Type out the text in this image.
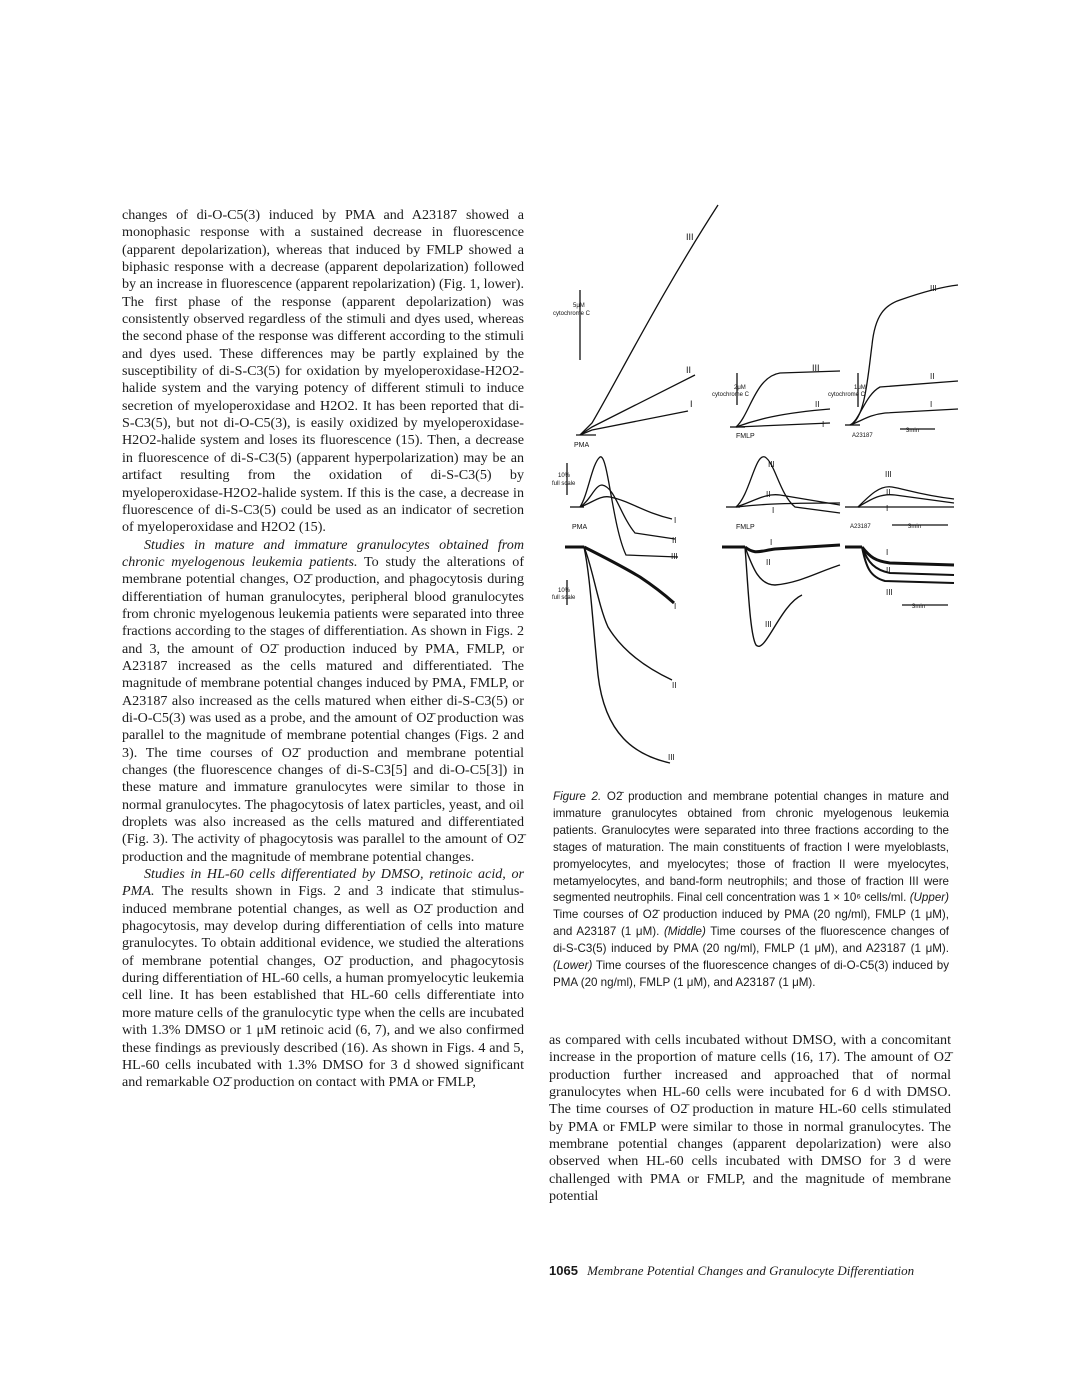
changes of di-O-C5(3) induced by PMA and A23187 showed a monophasic response with a sustained decrease in fluorescence (apparent depolarization), whereas that induced by FMLP showed a biphasic response with a decrease (apparent depolarization) followed by an increase in fluorescence (apparent repolarization) (Fig. 1, lower). The first phase of the response (apparent depolarization) was consistently observed regardless of the stimuli and dyes used, whereas the second phase of the response was different according to the stimuli and dyes used. These differences may be partly explained by the susceptibility of di-S-C3(5) for oxidation by myeloperoxidase-H2O2-halide system and the varying potency of different stimuli to induce secretion of myeloperoxidase and H2O2. It has been reported that di-S-C3(5), but not di-O-C5(3), is easily oxidized by myeloperoxidase-H2O2-halide system and loses its fluorescence (15). Then, a decrease in fluorescence of di-S-C3(5) (apparent hyperpolarization) may be an artifact resulting from the oxidation of di-S-C3(5) by myeloperoxidase-H2O2-halide system. If this is the case, a decrease in fluorescence of di-S-C3(5) could be used as an indicator of secretion of myeloperoxidase and H2O2 (15).

Studies in mature and immature granulocytes obtained from chronic myelogenous leukemia patients. To study the alterations of membrane potential changes, O2̄ production, and phagocytosis during differentiation of human granulocytes, peripheral blood granulocytes from chronic myelogenous leukemia patients were separated into three fractions according to the stages of differentiation. As shown in Figs. 2 and 3, the amount of O2̄ production induced by PMA, FMLP, or A23187 increased as the cells matured and differentiated. The magnitude of membrane potential changes induced by PMA, FMLP, or A23187 also increased as the cells matured when either di-S-C3(5) or di-O-C5(3) was used as a probe, and the amount of O2̄ production was parallel to the magnitude of membrane potential changes (Figs. 2 and 3). The time courses of O2̄ production and membrane potential changes (the fluorescence changes of di-S-C3[5] and di-O-C5[3]) in these mature and immature granulocytes were similar to those in normal granulocytes. The phagocytosis of latex particles, yeast, and oil droplets was also increased as the cells matured and differentiated (Fig. 3). The activity of phagocytosis was parallel to the amount of O2̄ production and the magnitude of membrane potential changes.

Studies in HL-60 cells differentiated by DMSO, retinoic acid, or PMA. The results shown in Figs. 2 and 3 indicate that stimulus-induced membrane potential changes, as well as O2̄ production and phagocytosis, may develop during differentiation of cells into mature granulocytes. To obtain additional evidence, we studied the alterations of membrane potential changes, O2̄ production, and phagocytosis during differentiation of HL-60 cells, a human promyelocytic leukemia cell line. It has been established that HL-60 cells differentiate into more mature cells of the granulocytic type when the cells are incubated with 1.3% DMSO or 1 μM retinoic acid (6, 7), and we also confirmed these findings as previously described (16). As shown in Figs. 4 and 5, HL-60 cells incubated with 1.3% DMSO for 3 d showed significant and remarkable O2̄ production on contact with PMA or FMLP,

III
II
I
PMA
5μM
cytochrome C
III
II
I
FMLP
2μM
cytochrome C
III
II
I
A23187
1μM
cytochrome C
3min
10%
full scale
I
II
III
PMA
III
II
I
FMLP
III
II
I
A23187	3min
10%
full scale
I
II
III
I
II
III
I
II
III
3min
Figure 2. O2̄ production and membrane potential changes in mature and immature granulocytes obtained from chronic myelogenous leukemia patients. Granulocytes were separated into three fractions according to the stages of maturation. The main constituents of fraction I were myeloblasts, promyelocytes, and myelocytes; those of fraction II were myelocytes, metamyelocytes, and band-form neutrophils; and those of fraction III were segmented neutrophils. Final cell concentration was 1 × 10⁶ cells/ml. (Upper) Time courses of O2̄ production induced by PMA (20 ng/ml), FMLP (1 μM), and A23187 (1 μM). (Middle) Time courses of the fluorescence changes of di-S-C3(5) induced by PMA (20 ng/ml), FMLP (1 μM), and A23187 (1 μM). (Lower) Time courses of the fluorescence changes of di-O-C5(3) induced by PMA (20 ng/ml), FMLP (1 μM), and A23187 (1 μM).

as compared with cells incubated without DMSO, with a concomitant increase in the proportion of mature cells (16, 17). The amount of O2̄ production further increased and approached that of normal granulocytes when HL-60 cells were incubated for 6 d with DMSO. The time courses of O2̄ production in mature HL-60 cells stimulated by PMA or FMLP were similar to those in normal granulocytes. The membrane potential changes (apparent depolarization) were also observed when HL-60 cells incubated with DMSO for 3 d were challenged with PMA or FMLP, and the magnitude of membrane potential

1065 Membrane Potential Changes and Granulocyte Differentiation
